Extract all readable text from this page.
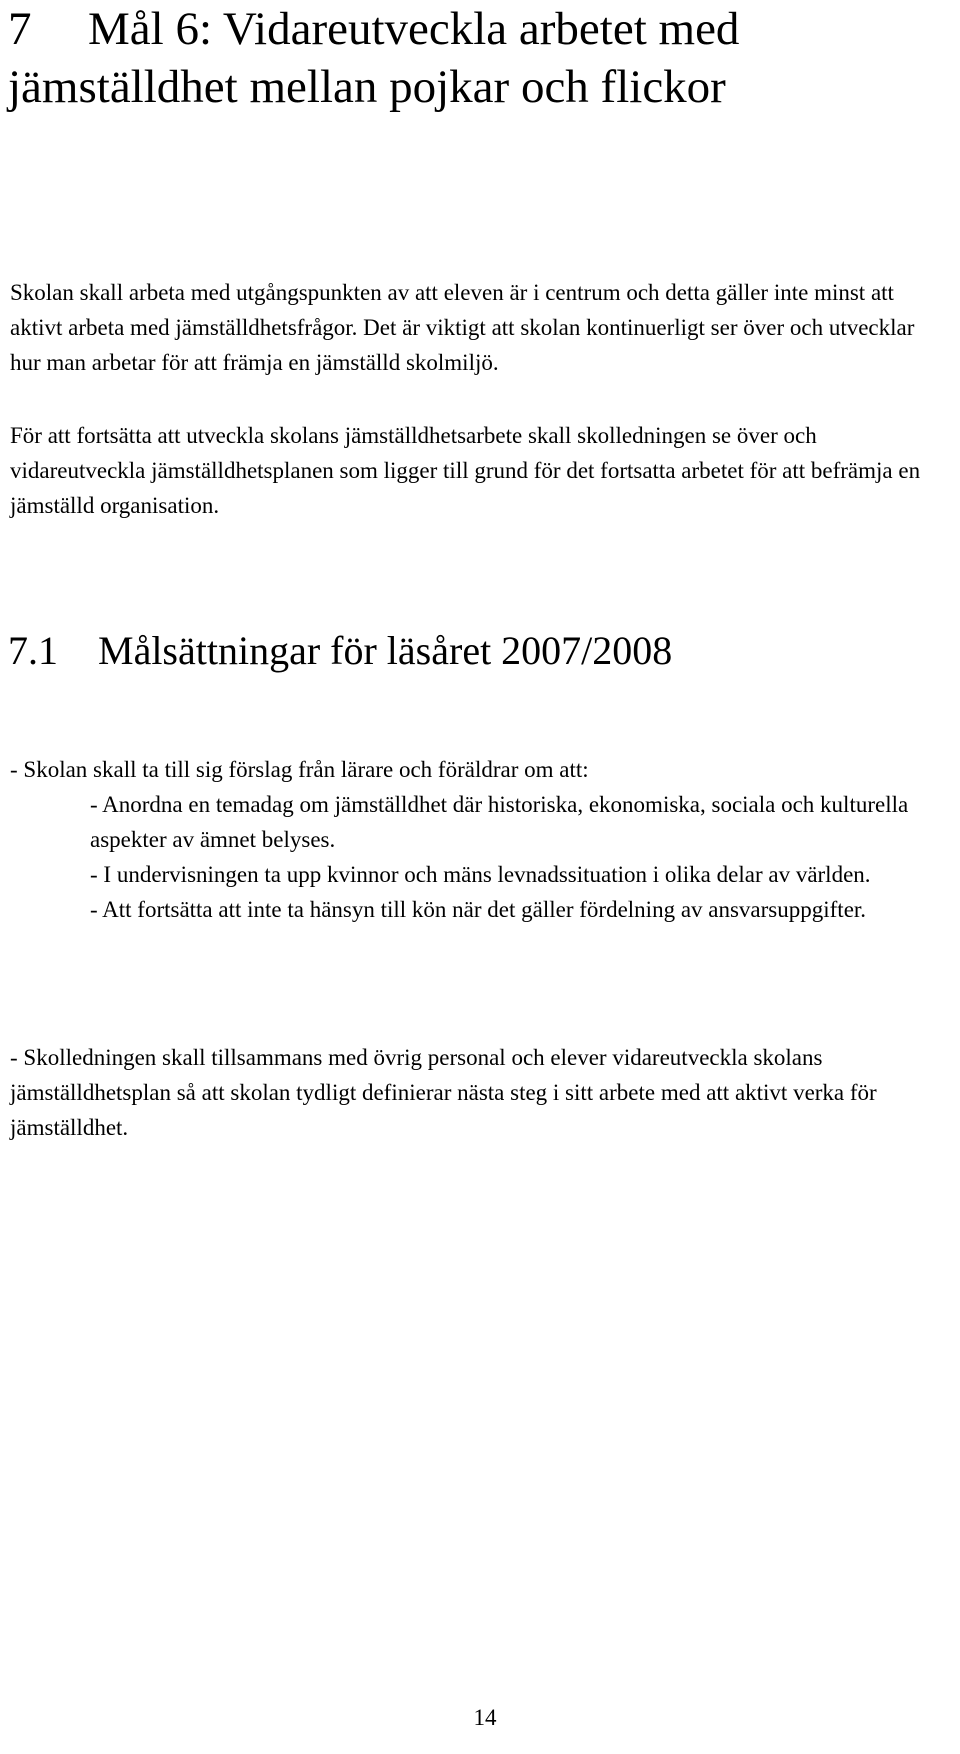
7 Mål 6: Vidareutveckla arbetet med jämställdhet mellan pojkar och flickor

Skolan skall arbeta med utgångspunkten av att eleven är i centrum och detta gäller inte minst att aktivt arbeta med jämställdhetsfrågor. Det är viktigt att skolan kontinuerligt ser över och utvecklar hur man arbetar för att främja en jämställd skolmiljö.

För att fortsätta att utveckla skolans jämställdhetsarbete skall skolledningen se över och vidareutveckla jämställdhetsplanen som ligger till grund för det fortsatta arbetet för att befrämja en jämställd organisation.

7.1 Målsättningar för läsåret 2007/2008

- Skolan skall ta till sig förslag från lärare och föräldrar om att:

- Anordna en temadag om jämställdhet där historiska, ekonomiska, sociala och kulturella aspekter av ämnet belyses.

- I undervisningen ta upp kvinnor och mäns levnadssituation i olika delar av världen.

- Att fortsätta att inte ta hänsyn till kön när det gäller fördelning av ansvarsuppgifter.

- Skolledningen skall tillsammans med övrig personal och elever vidareutveckla skolans jämställdhetsplan så att skolan tydligt definierar nästa steg i sitt arbete med att aktivt verka för jämställdhet.

14
